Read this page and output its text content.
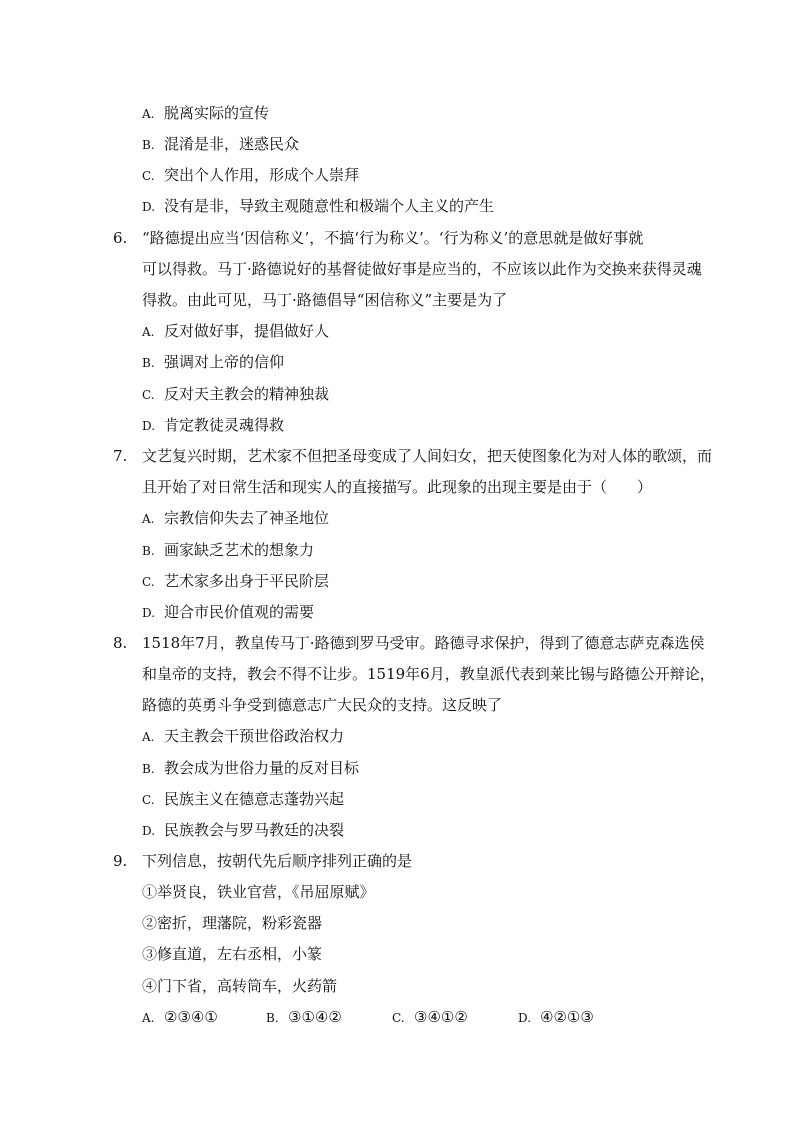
A. 脱离实际的宣传
B. 混淆是非，迷惑民众
C. 突出个人作用，形成个人崇拜
D. 没有是非，导致主观随意性和极端个人主义的产生
6. “路德提出应当‘因信称义’，不搞‘行为称义’。‘行为称义’的意思就是做好事就
可以得救。马丁·路德说好的基督徒做好事是应当的，不应该以此作为交换来获得灵魂
得救。由此可见，马丁·路德倡导“困信称义”主要是为了
A. 反对做好事，提倡做好人
B. 强调对上帝的信仰
C. 反对天主教会的精神独裁
D. 肯定教徒灵魂得救
7. 文艺复兴时期，艺术家不但把圣母变成了人间妇女，把天使图象化为对人体的歌颂，而
且开始了对日常生活和现实人的直接描写。此现象的出现主要是由于（　　）
A. 宗教信仰失去了神圣地位
B. 画家缺乏艺术的想象力
C. 艺术家多出身于平民阶层
D. 迎合市民价值观的需要
8. 1518年7月，教皇传马丁·路德到罗马受审。路德寻求保护，得到了德意志萨克森选侯
和皇帝的支持，教会不得不让步。1519年6月，教皇派代表到莱比锡与路德公开辩论，
路德的英勇斗争受到德意志广大民众的支持。这反映了
A. 天主教会干预世俗政治权力
B. 教会成为世俗力量的反对目标
C. 民族主义在德意志蓬勃兴起
D. 民族教会与罗马教廷的决裂
9. 下列信息，按朝代先后顺序排列正确的是
①举贤良，铁业官营，《吊屈原赋》
②密折，理藩院，粉彩瓷器
③修直道，左右丞相，小篆
④门下省，高转筒车，火药箭
A. ②③④①	B. ③①④②	C. ③④①②	D. ④②①③
